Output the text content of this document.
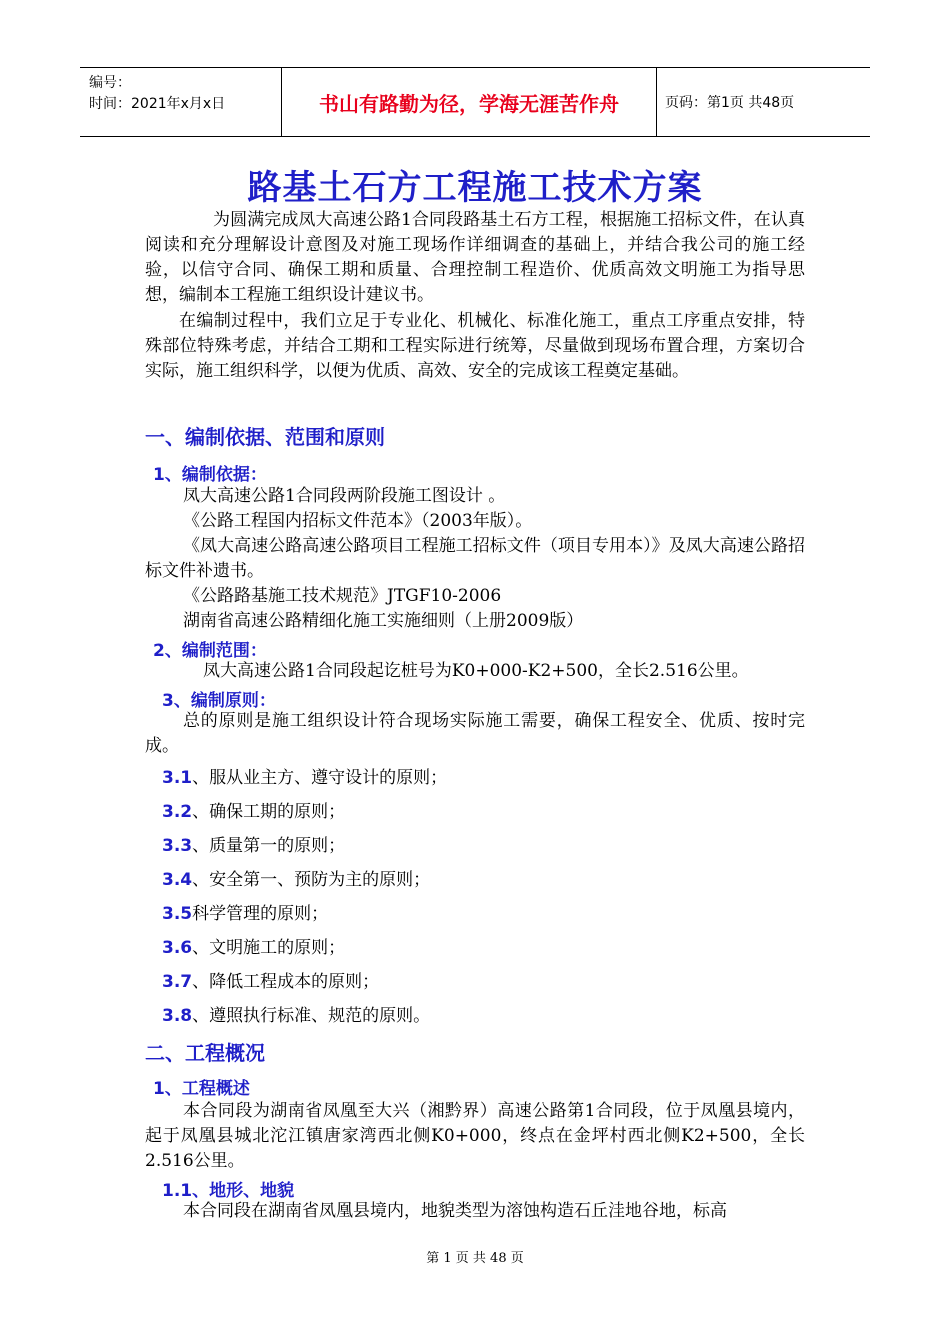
编号：
时间：2021年x月x日	书山有路勤为径，学海无涯苦作舟	页码：第1页 共48页
路基土石方工程施工技术方案

为圆满完成凤大高速公路1合同段路基土石方工程，根据施工招标文件，在认真阅读和充分理解设计意图及对施工现场作详细调查的基础上，并结合我公司的施工经验，以信守合同、确保工期和质量、合理控制工程造价、优质高效文明施工为指导思想，编制本工程施工组织设计建议书。

在编制过程中，我们立足于专业化、机械化、标准化施工，重点工序重点安排，特殊部位特殊考虑，并结合工期和工程实际进行统筹，尽量做到现场布置合理，方案切合实际，施工组织科学，以便为优质、高效、安全的完成该工程奠定基础。

一、编制依据、范围和原则
1、编制依据：

凤大高速公路1合同段两阶段施工图设计 。

《公路工程国内招标文件范本》（2003年版）。

《凤大高速公路高速公路项目工程施工招标文件（项目专用本）》及凤大高速公路招标文件补遗书。

《公路路基施工技术规范》JTGF10-2006

湖南省高速公路精细化施工实施细则（上册2009版）

2、编制范围：

凤大高速公路1合同段起讫桩号为K0+000-K2+500，全长2.516公里。

3、编制原则：

总的原则是施工组织设计符合现场实际施工需要，确保工程安全、优质、按时完成。

3.1、服从业主方、遵守设计的原则；
3.2、确保工期的原则；
3.3、质量第一的原则；
3.4、安全第一、预防为主的原则；
3.5科学管理的原则；
3.6、文明施工的原则；
3.7、降低工程成本的原则；
3.8、遵照执行标准、规范的原则。
二、工程概况
1、工程概述

本合同段为湖南省凤凰至大兴（湘黔界）高速公路第1合同段，位于凤凰县境内，起于凤凰县城北沱江镇唐家湾西北侧K0+000，终点在金坪村西北侧K2+500，全长2.516公里。

1.1、地形、地貌

本合同段在湖南省凤凰县境内，地貌类型为溶蚀构造石丘洼地谷地，标高

第 1 页 共 48 页
